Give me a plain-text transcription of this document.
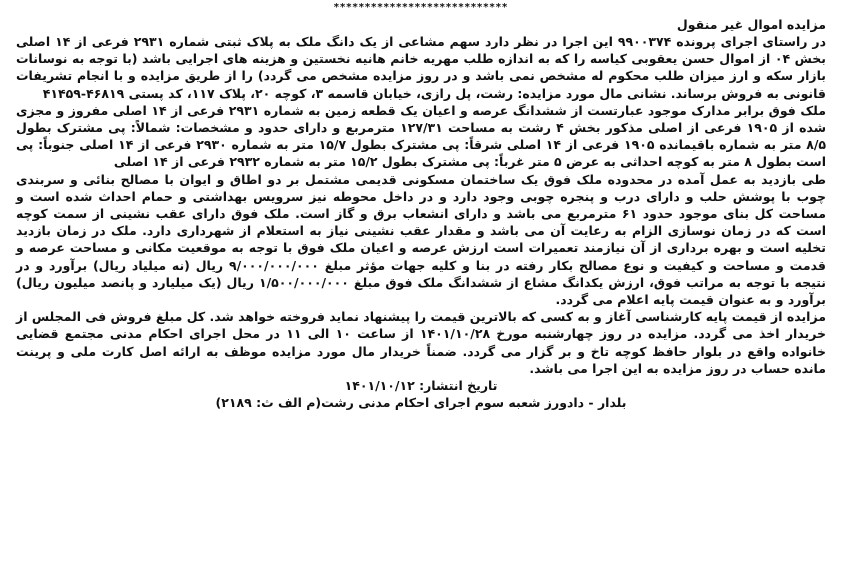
****************************
مزایده اموال غیر منقول

در راستای اجرای پرونده ۹۹۰۰۳۷۴ این اجرا در نظر دارد سهم مشاعی از یک دانگ ملک به پلاک ثبتی شماره ۲۹۳۱ فرعی از ۱۴ اصلی بخش ۰۴ از اموال حسن یعقوبی کیاسه را که به اندازه طلب مهریه خانم هانیه نخستین و هزینه های اجرایی باشد (با توجه به نوسانات بازار سکه و ارز میزان طلب محکوم له مشخص نمی باشد و در روز مزایده مشخص می گردد) را از طریق مزایده و با انجام تشریفات قانونی به فروش برساند. نشانی مال مورد مزایده: رشت، پل رازی، خیابان قاسمه ۳، کوچه ۲۰، پلاک ۱۱۷، کد پستی ۴۶۸۱۹-۴۱۴۵۹

ملک فوق برابر مدارک موجود عبارتست از ششدانگ عرصه و اعیان یک قطعه زمین به شماره ۲۹۳۱ فرعی از ۱۴ اصلی مفروز و مجزی شده از ۱۹۰۵ فرعی از اصلی مذکور بخش ۴ رشت به مساحت ۱۲۷/۳۱ مترمربع و دارای حدود و مشخصات: شمالاً: پی مشترک بطول ۸/۵ متر به شماره باقیمانده ۱۹۰۵ فرعی از ۱۴ اصلی شرقاً: پی مشترک بطول ۱۵/۷ متر به شماره ۲۹۳۰ فرعی از ۱۴ اصلی جنوباً: پی است بطول ۸ متر به کوچه احداثی به عرض ۵ متر غرباً: پی مشترک بطول ۱۵/۲ متر به شماره ۲۹۳۲ فرعی از ۱۴ اصلی

طی بازدید به عمل آمده در محدوده ملک فوق یک ساختمان مسکونی قدیمی مشتمل بر دو اطاق و ایوان با مصالح بنائی و سربندی چوب با پوشش حلب و دارای درب و پنجره چوبی وجود دارد و در داخل محوطه نیز سرویس بهداشتی و حمام احداث شده است و مساحت کل بنای موجود حدود ۶۱ مترمربع می باشد و دارای انشعاب برق و گاز است. ملک فوق دارای عقب نشینی از سمت کوچه است که در زمان نوسازی الزام به رعایت آن می باشد و مقدار عقب نشینی نیاز به استعلام از شهرداری دارد. ملک در زمان بازدید تخلیه است و بهره برداری از آن نیازمند تعمیرات است ارزش عرصه و اعیان ملک فوق با توجه به موقعیت مکانی و مساحت عرصه و قدمت و مساحت و کیفیت و نوع مصالح بکار رفته در بنا و کلیه جهات مؤثر مبلغ ۹/۰۰۰/۰۰۰/۰۰۰ ریال (نه میلیاد ریال) برآورد و در نتیجه با توجه به مراتب فوق، ارزش یکدانگ مشاع از ششدانگ ملک فوق مبلغ ۱/۵۰۰/۰۰۰/۰۰۰ ریال (یک میلیارد و پانصد میلیون ریال) برآورد و به عنوان قیمت پایه اعلام می گردد.

مزایده از قیمت پایه کارشناسی آغاز و به کسی که بالاترین قیمت را پیشنهاد نماید فروخته خواهد شد. کل مبلغ فروش فی المجلس از خریدار اخذ می گردد. مزایده در روز چهارشنبه مورخ ۱۴۰۱/۱۰/۲۸ از ساعت ۱۰ الی ۱۱ در محل اجرای احکام مدنی مجتمع قضایی خانواده واقع در بلوار حافظ کوچه تاخ و بر گزار می گردد. ضمناً خریدار مال مورد مزایده موظف به ارائه اصل کارت ملی و پرینت مانده حساب در روز مزایده به این اجرا می باشد.

تاریخ انتشار: ۱۴۰۱/۱۰/۱۲
بلدار - دادورز شعبه سوم اجرای احکام مدنی رشت(م الف ث: ۲۱۸۹)
